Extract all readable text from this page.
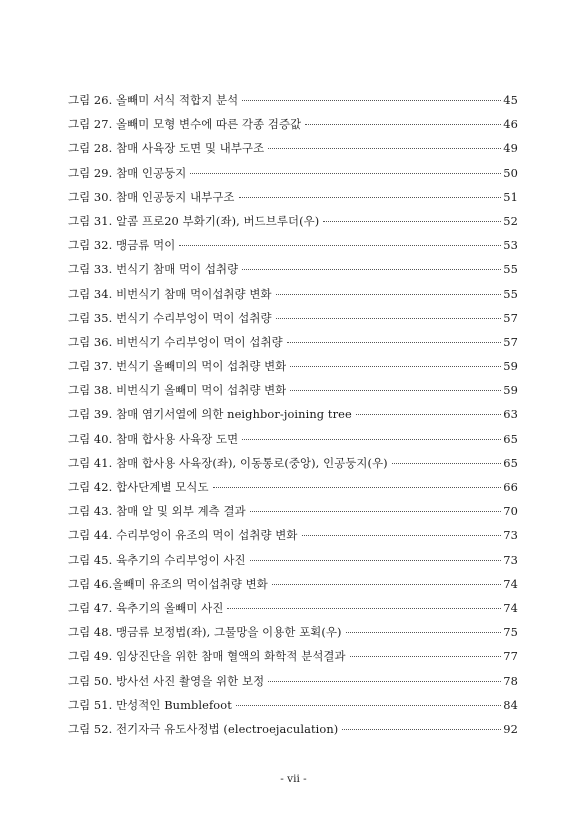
그림 26. 올빼미 서식 적합지 분석	45
그림 27. 올빼미 모형 변수에 따른 각종 검증값	46
그림 28. 참매 사육장 도면 및 내부구조	49
그림 29. 참매 인공둥지	50
그림 30. 참매 인공둥지 내부구조	51
그림 31. 알콤 프로20 부화기(좌), 버드브루더(우)	52
그림 32. 맹금류 먹이	53
그림 33. 번식기 참매 먹이 섭취량	55
그림 34. 비번식기 참매 먹이섭취량 변화	55
그림 35. 번식기 수리부엉이 먹이 섭취량	57
그림 36. 비번식기 수리부엉이 먹이 섭취량	57
그림 37. 번식기 올빼미의 먹이 섭취량 변화	59
그림 38. 비번식기 올빼미 먹이 섭취량 변화	59
그림 39. 참매 염기서열에 의한 neighbor-joining tree	63
그림 40. 참매 합사용 사육장 도면	65
그림 41. 참매 합사용 사육장(좌), 이동통로(중앙), 인공둥지(우)	65
그림 42. 합사단계별 모식도	66
그림 43. 참매 알 및 외부 계측 결과	70
그림 44. 수리부엉이 유조의 먹이 섭취량 변화	73
그림 45. 육추기의 수리부엉이 사진	73
그림 46.올빼미 유조의 먹이섭취량 변화	74
그림 47. 육추기의 올빼미 사진	74
그림 48. 맹금류 보정법(좌), 그물망을 이용한 포획(우)	75
그림 49. 임상진단을 위한 참매 혈액의 화학적 분석결과	77
그림 50. 방사선 사진 촬영을 위한 보정	78
그림 51. 만성적인 Bumblefoot	84
그림 52. 전기자극 유도사정법 (electroejaculation)	92
- vii -
